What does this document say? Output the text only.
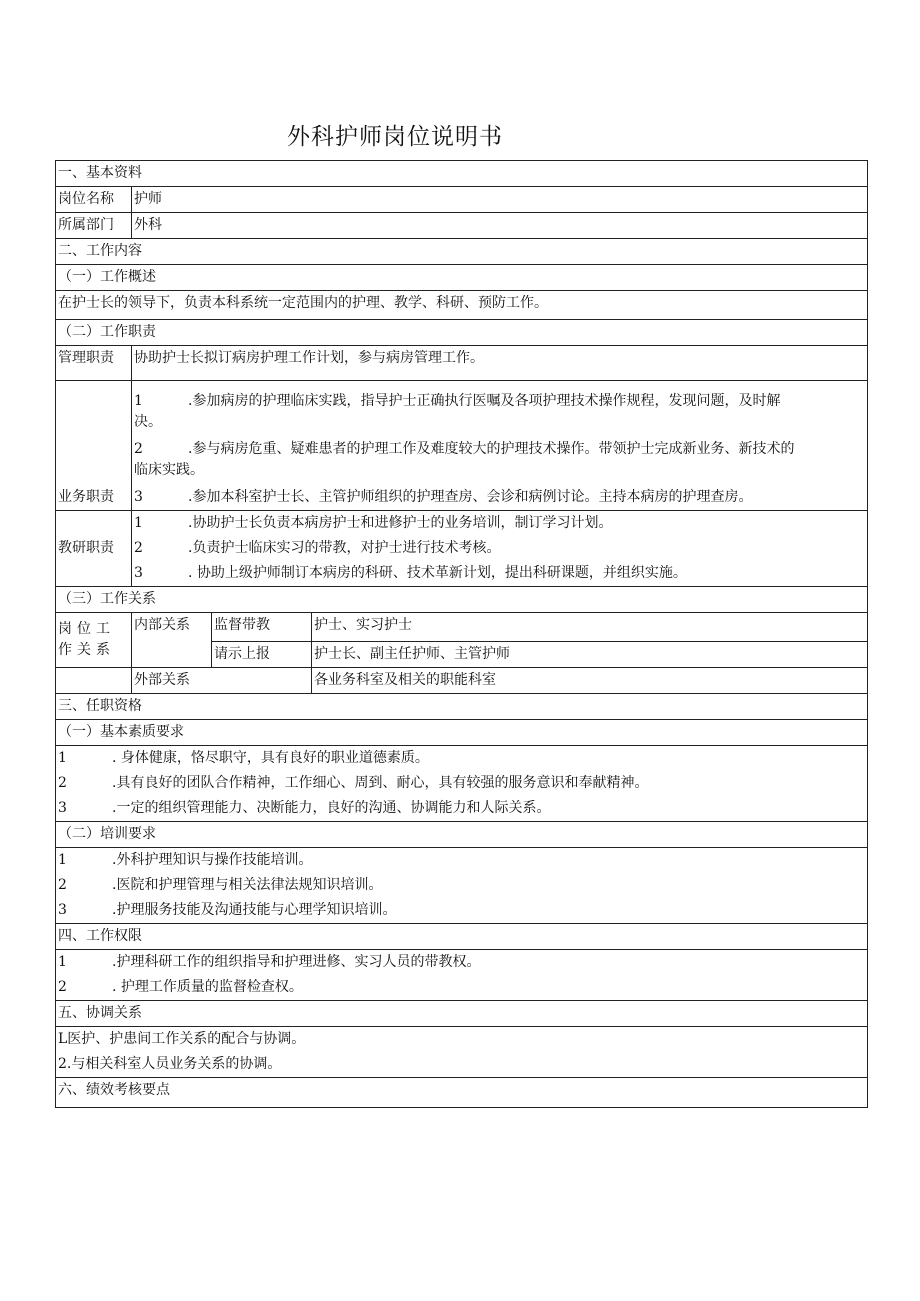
外科护师岗位说明书
一、基本资料			
岗位名称	护师		
所属部门	外科		
二、工作内容			
（一）工作概述			
在护士长的领导下，负责本科系统一定范围内的护理、教学、科研、预防工作。			
（二）工作职责			
管理职责	协助护士长拟订病房护理工作计划，参与病房管理工作。		
业务职责	1 .参加病房的护理临床实践，指导护士正确执行医嘱及各项护理技术操作规程，发现问题，及时解
决。
2 .参与病房危重、疑难患者的护理工作及难度较大的护理技术操作。带领护士完成新业务、新技术的
临床实践。
3 .参加本科室护士长、主管护师组织的护理查房、会诊和病例讨论。主持本病房的护理查房。		

教研职责	1 .协助护士长负责本病房护士和进修护士的业务培训，制订学习计划。
2 .负责护士临床实习的带教，对护士进行技术考核。
3 . 协助上级护师制订本病房的科研、技术革新计划，提出科研课题，并组织实施。		

（三）工作关系			
岗位工作关系	内部关系	监督带教	护士、实习护士
		请示上报	护士长、副主任护师、主管护师
	外部关系		各业务科室及相关的职能科室
三、任职资格			
（一）基本素质要求			

1 . 身体健康，恪尽职守，具有良好的职业道德素质。
2 .具有良好的团队合作精神，工作细心、周到、耐心，具有较强的服务意识和奉献精神。
3 .一定的组织管理能力、决断能力，良好的沟通、协调能力和人际关系。			

（二）培训要求			

1 .外科护理知识与操作技能培训。
2 .医院和护理管理与相关法律法规知识培训。
3 .护理服务技能及沟通技能与心理学知识培训。			

四、工作权限			

1 .护理科研工作的组织指导和护理进修、实习人员的带教权。
2 . 护理工作质量的监督检查权。			

五、协调关系			

L医护、护患间工作关系的配合与协调。
2.与相关科室人员业务关系的协调。			

六、绩效考核要点			
